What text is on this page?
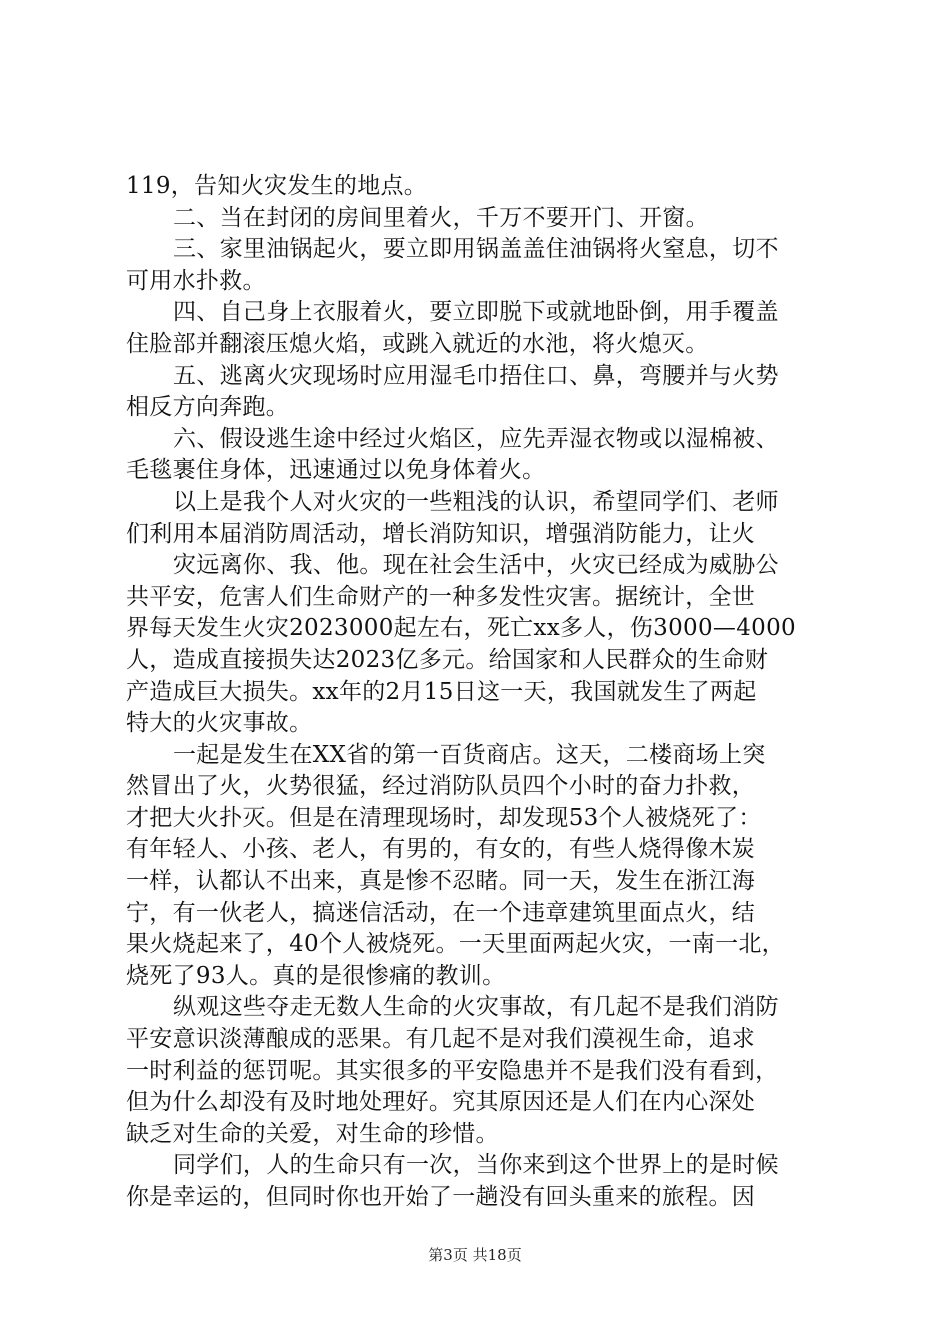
119，告知火灾发生的地点。
二、当在封闭的房间里着火，千万不要开门、开窗。
三、家里油锅起火，要立即用锅盖盖住油锅将火窒息，切不
可用水扑救。
四、自己身上衣服着火，要立即脱下或就地卧倒，用手覆盖
住脸部并翻滚压熄火焰，或跳入就近的水池，将火熄灭。
五、逃离火灾现场时应用湿毛巾捂住口、鼻，弯腰并与火势
相反方向奔跑。
六、假设逃生途中经过火焰区，应先弄湿衣物或以湿棉被、
毛毯裹住身体，迅速通过以免身体着火。
以上是我个人对火灾的一些粗浅的认识，希望同学们、老师
们利用本届消防周活动，增长消防知识，增强消防能力，让火
灾远离你、我、他。现在社会生活中，火灾已经成为威胁公
共平安，危害人们生命财产的一种多发性灾害。据统计，全世
界每天发生火灾2023000起左右，死亡xx多人，伤3000—4000
人，造成直接损失达2023亿多元。给国家和人民群众的生命财
产造成巨大损失。xx年的2月15日这一天，我国就发生了两起
特大的火灾事故。
一起是发生在XX省的第一百货商店。这天，二楼商场上突
然冒出了火，火势很猛，经过消防队员四个小时的奋力扑救，
才把大火扑灭。但是在清理现场时，却发现53个人被烧死了：
有年轻人、小孩、老人，有男的，有女的，有些人烧得像木炭
一样，认都认不出来，真是惨不忍睹。同一天，发生在浙江海
宁，有一伙老人，搞迷信活动，在一个违章建筑里面点火，结
果火烧起来了，40个人被烧死。一天里面两起火灾，一南一北，
烧死了93人。真的是很惨痛的教训。
纵观这些夺走无数人生命的火灾事故，有几起不是我们消防
平安意识淡薄酿成的恶果。有几起不是对我们漠视生命，追求
一时利益的惩罚呢。其实很多的平安隐患并不是我们没有看到，
但为什么却没有及时地处理好。究其原因还是人们在内心深处
缺乏对生命的关爱，对生命的珍惜。
同学们，人的生命只有一次，当你来到这个世界上的是时候
你是幸运的，但同时你也开始了一趟没有回头重来的旅程。因
第3页 共18页
